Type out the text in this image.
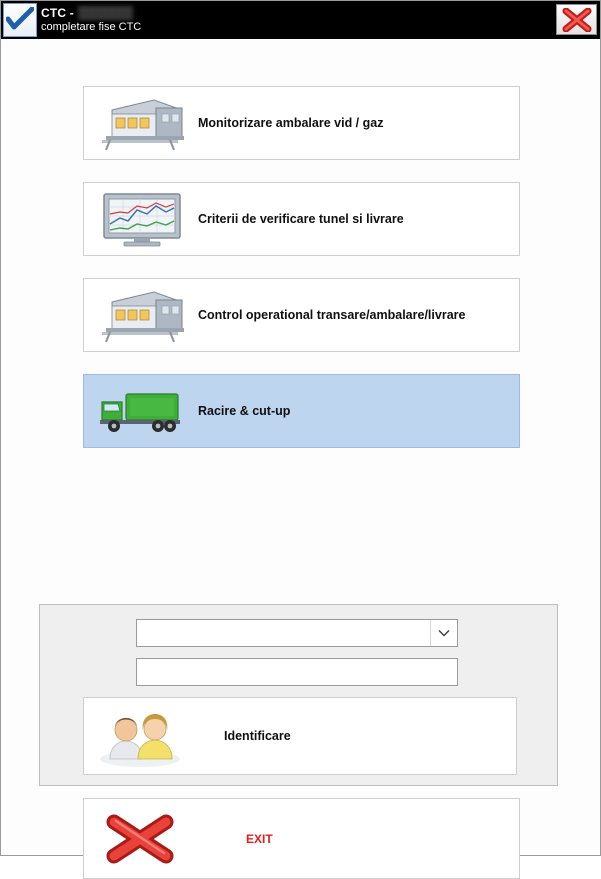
CTC - xxxxxxxx
completare fise CTC
Monitorizare ambalare vid / gaz
Criterii de verificare tunel si livrare
Control operational transare/ambalare/livrare
Racire & cut-up
Identificare
EXIT
